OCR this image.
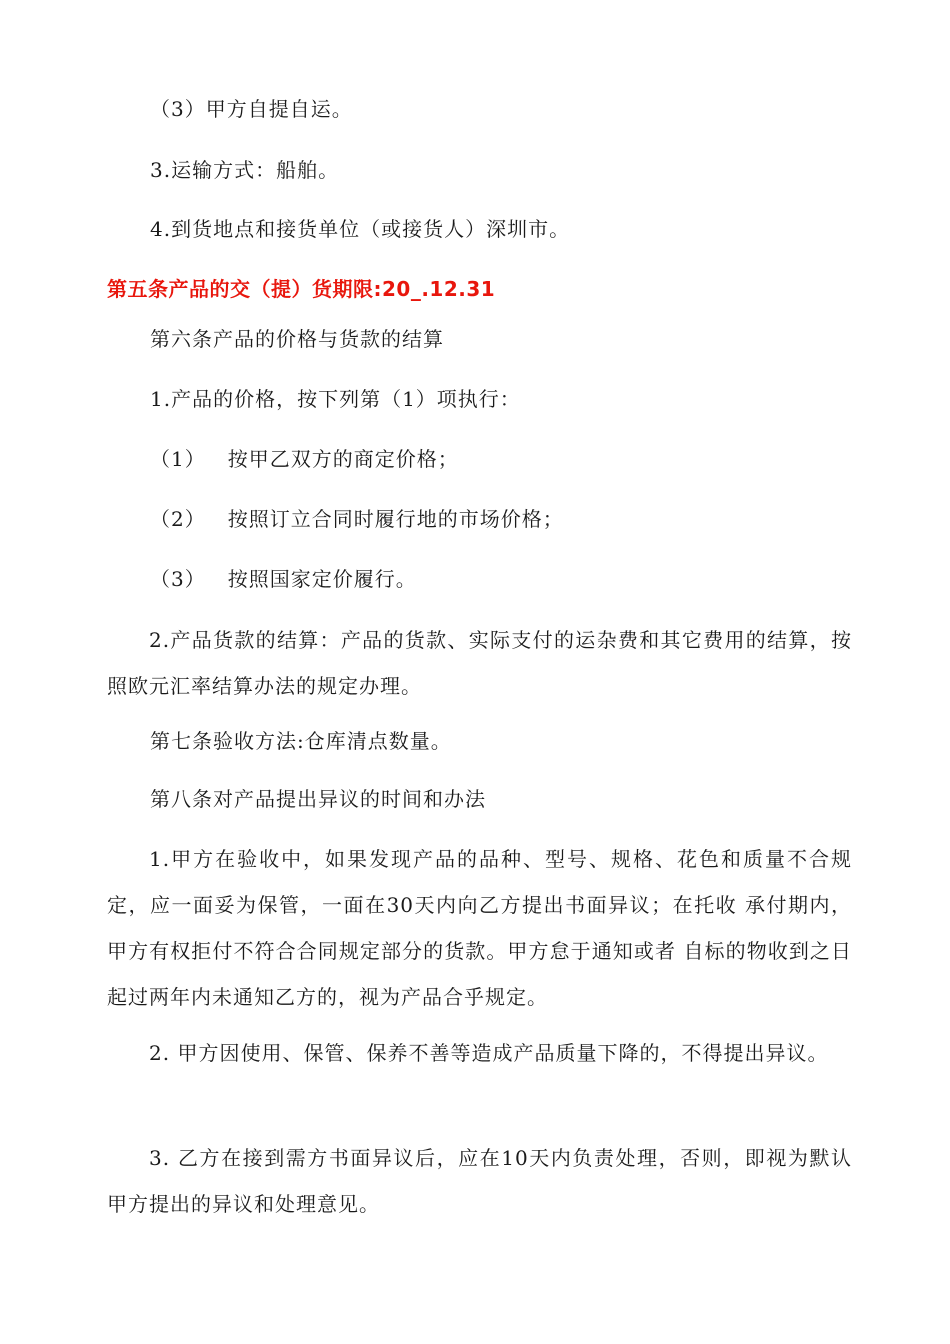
（3）甲方自提自运。
3.运输方式：船舶。
4.到货地点和接货单位（或接货人）深圳市。
第五条产品的交（提）货期限:20_.12.31
第六条产品的价格与货款的结算
1.产品的价格，按下列第（1）项执行：
（1） 按甲乙双方的商定价格；
（2） 按照订立合同时履行地的市场价格；
（3） 按照国家定价履行。
2.产品货款的结算：产品的货款、实际支付的运杂费和其它费用的结算，按照欧元汇率结算办法的规定办理。
第七条验收方法:仓库清点数量。
第八条对产品提出异议的时间和办法
1.甲方在验收中，如果发现产品的品种、型号、规格、花色和质量不合规定，应一面妥为保管，一面在30天内向乙方提出书面异议；在托收 承付期内，甲方有权拒付不符合合同规定部分的货款。甲方怠于通知或者 自标的物收到之日起过两年内未通知乙方的，视为产品合乎规定。
2. 甲方因使用、保管、保养不善等造成产品质量下降的，不得提出异议。
3. 乙方在接到需方书面异议后，应在10天内负责处理，否则，即视为默认甲方提出的异议和处理意见。
